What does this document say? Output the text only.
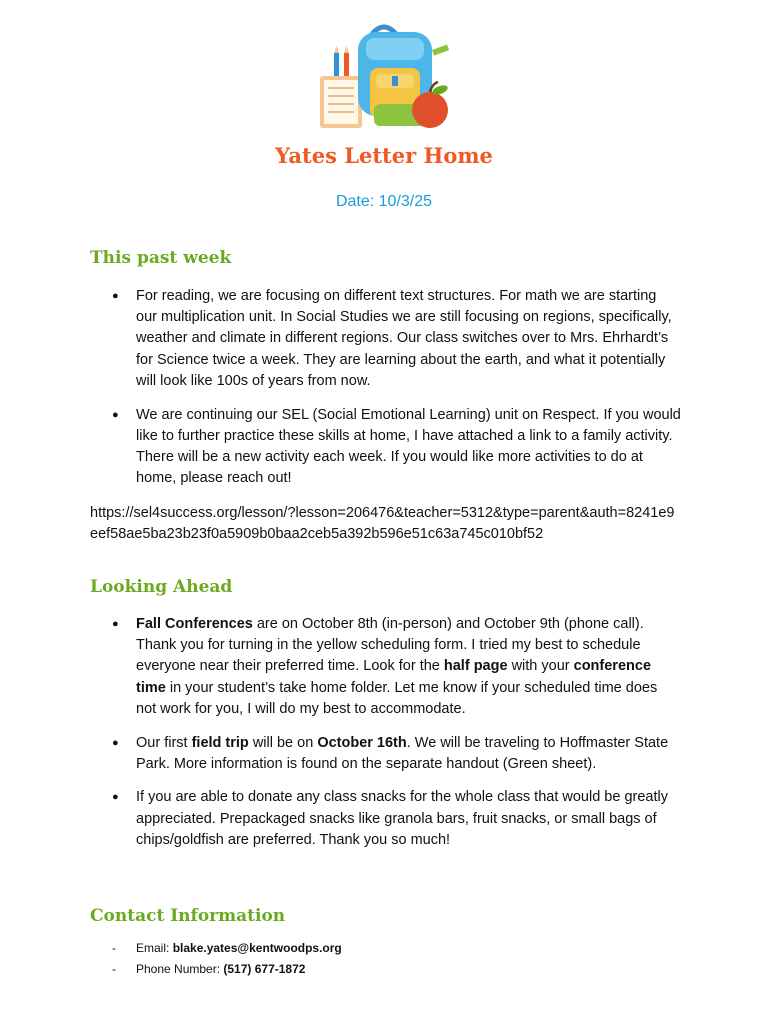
Yates Letter Home
Date: 10/3/25
This past week
● For reading, we are focusing on different text structures. For math we are starting our multiplication unit. In Social Studies we are still focusing on regions, specifically, weather and climate in different regions. Our class switches over to Mrs. Ehrhardt’s for Science twice a week. They are learning about the earth, and what it potentially will look like 100s of years from now.
● We are continuing our SEL (Social Emotional Learning) unit on Respect. If you would like to further practice these skills at home, I have attached a link to a family activity. There will be a new activity each week. If you would like more activities to do at home, please reach out!

https://sel4success.org/lesson/?lesson=206476&teacher=5312&type=parent&auth=8241e9eef58ae5ba23b23f0a5909b0baa2ceb5a392b596e51c63a745c010bf52

Looking Ahead
● Fall Conferences are on October 8th (in-person) and October 9th (phone call). Thank you for turning in the yellow scheduling form. I tried my best to schedule everyone near their preferred time. Look for the half page with your conference time in your student’s take home folder. Let me know if your scheduled time does not work for you, I will do my best to accommodate.
● Our first field trip will be on October 16th. We will be traveling to Hoffmaster State Park. More information is found on the separate handout (Green sheet).
● If you are able to donate any class snacks for the whole class that would be greatly appreciated. Prepackaged snacks like granola bars, fruit snacks, or small bags of chips/goldfish are preferred. Thank you so much!
Contact Information
- Email: blake.yates@kentwoodps.org
- Phone Number: (517) 677-1872
